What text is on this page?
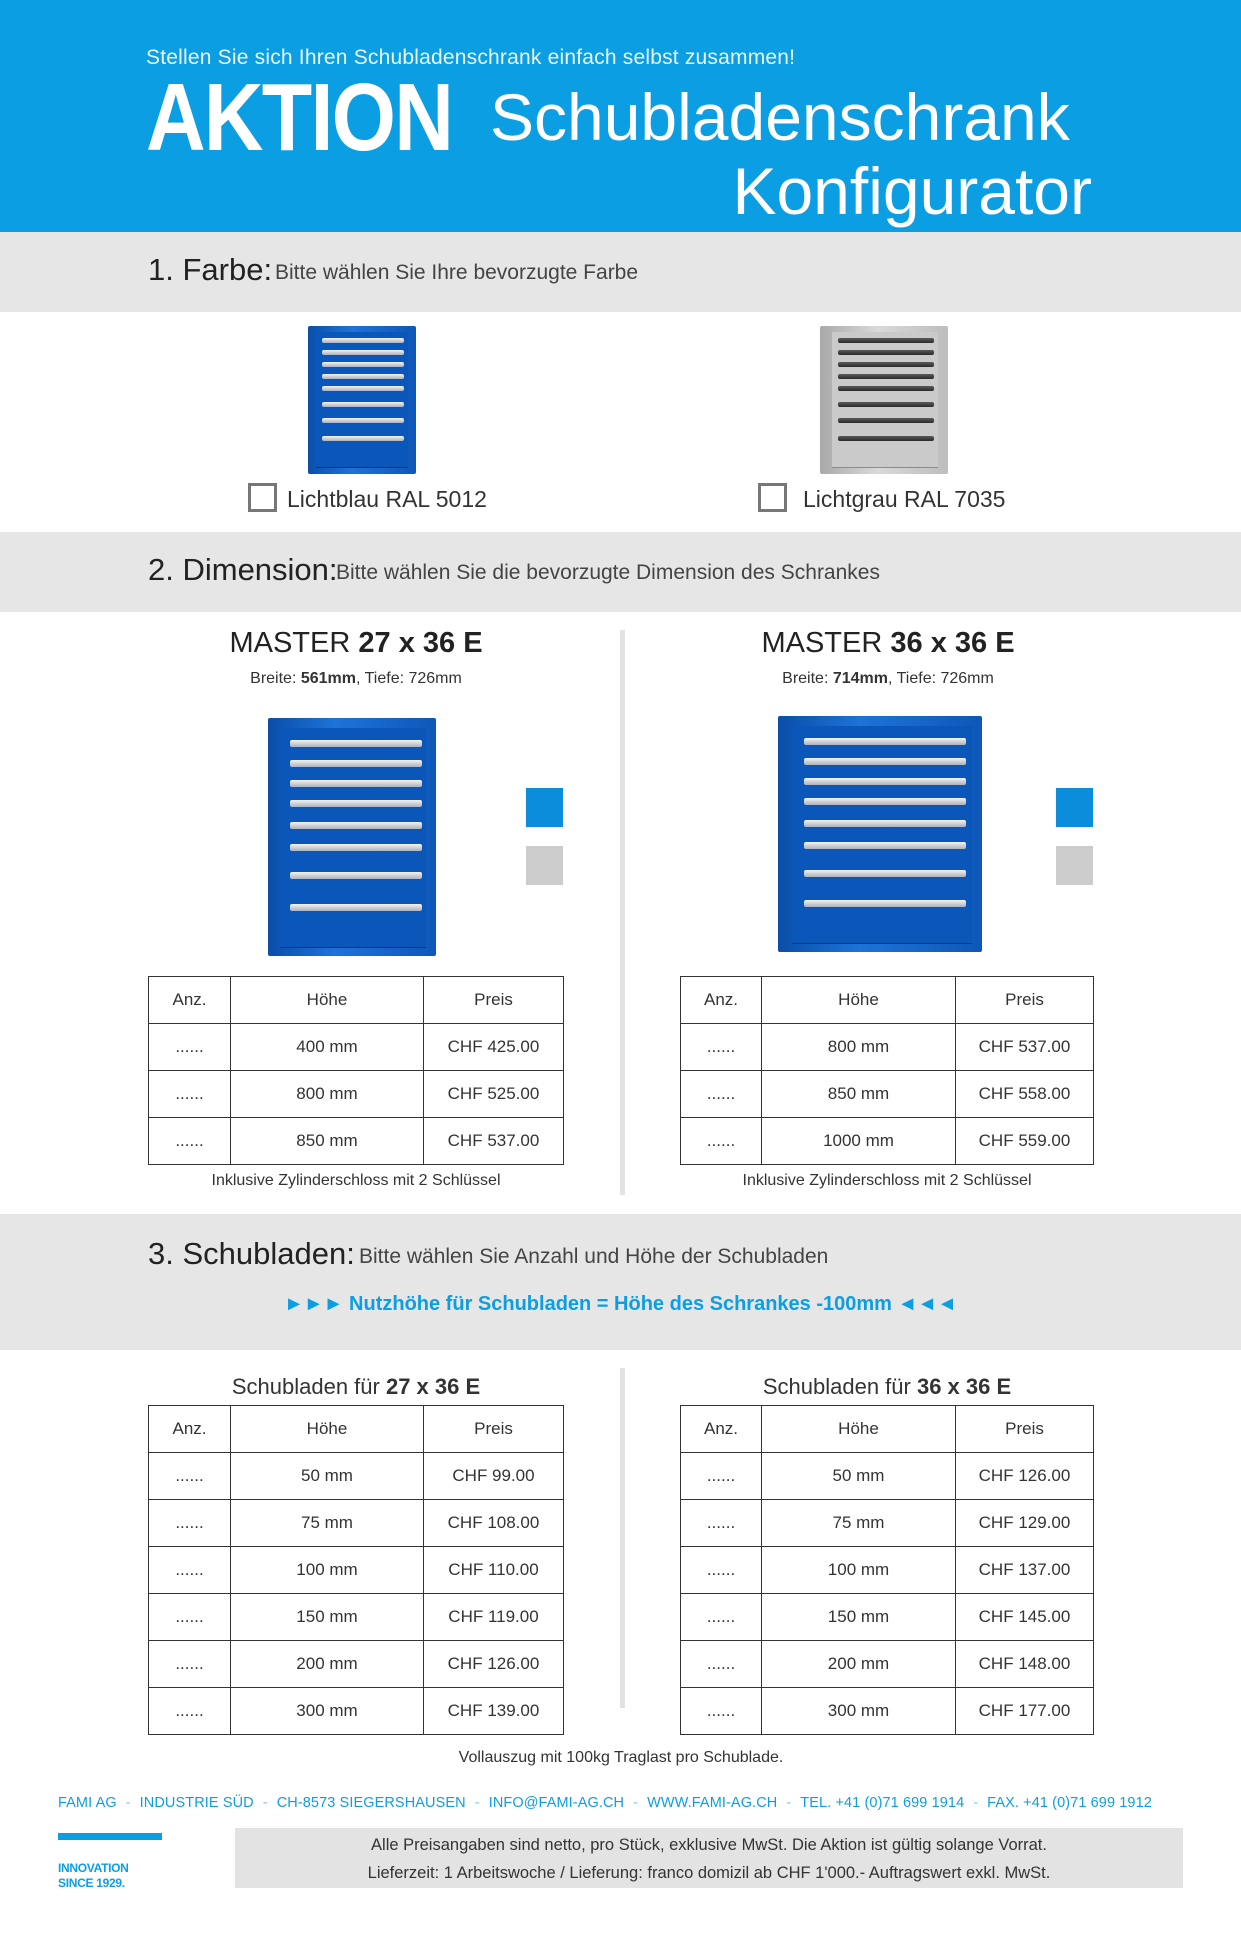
Stellen Sie sich Ihren Schubladenschrank einfach selbst zusammen!
AKTION Schubladenschrank
Konfigurator
1. Farbe: Bitte wählen Sie Ihre bevorzugte Farbe
Lichtblau RAL 5012	Lichtgrau RAL 7035
2. Dimension:
Bitte wählen Sie die bevorzugte Dimension des Schrankes
MASTER 27 x 36 E
Breite: 561mm, Tiefe: 726mm
Anz.	Höhe	Preis
......	400 mm	CHF 425.00
......	800 mm	CHF 525.00
......	850 mm	CHF 537.00
Inklusive Zylinderschloss mit 2 Schlüssel
MASTER 36 x 36 E
Breite: 714mm, Tiefe: 726mm
Anz.	Höhe	Preis
......	800 mm	CHF 537.00
......	850 mm	CHF 558.00
......	1000 mm	CHF 559.00
Inklusive Zylinderschloss mit 2 Schlüssel
3. Schubladen: Bitte wählen Sie Anzahl und Höhe der Schubladen
►►► Nutzhöhe für Schubladen = Höhe des Schrankes -100mm ◄◄◄
Schubladen für 27 x 36 E
Anz.	Höhe	Preis
......	50 mm	CHF 99.00
......	75 mm	CHF 108.00
......	100 mm	CHF 110.00
......	150 mm	CHF 119.00
......	200 mm	CHF 126.00
......	300 mm	CHF 139.00
Schubladen für 36 x 36 E
Anz.	Höhe	Preis
......	50 mm	CHF 126.00
......	75 mm	CHF 129.00
......	100 mm	CHF 137.00
......	150 mm	CHF 145.00
......	200 mm	CHF 148.00
......	300 mm	CHF 177.00
Vollauszug mit 100kg Traglast pro Schublade.
FAMI AG - INDUSTRIE SÜD - CH-8573 SIEGERSHAUSEN - INFO@FAMI-AG.CH - WWW.FAMI-AG.CH - TEL. +41 (0)71 699 1914 - FAX. +41 (0)71 699 1912
INNOVATION
SINCE 1929.
Alle Preisangaben sind netto, pro Stück, exklusive MwSt. Die Aktion ist gültig solange Vorrat.
Lieferzeit: 1 Arbeitswoche / Lieferung: franco domizil ab CHF 1'000.- Auftragswert exkl. MwSt.
